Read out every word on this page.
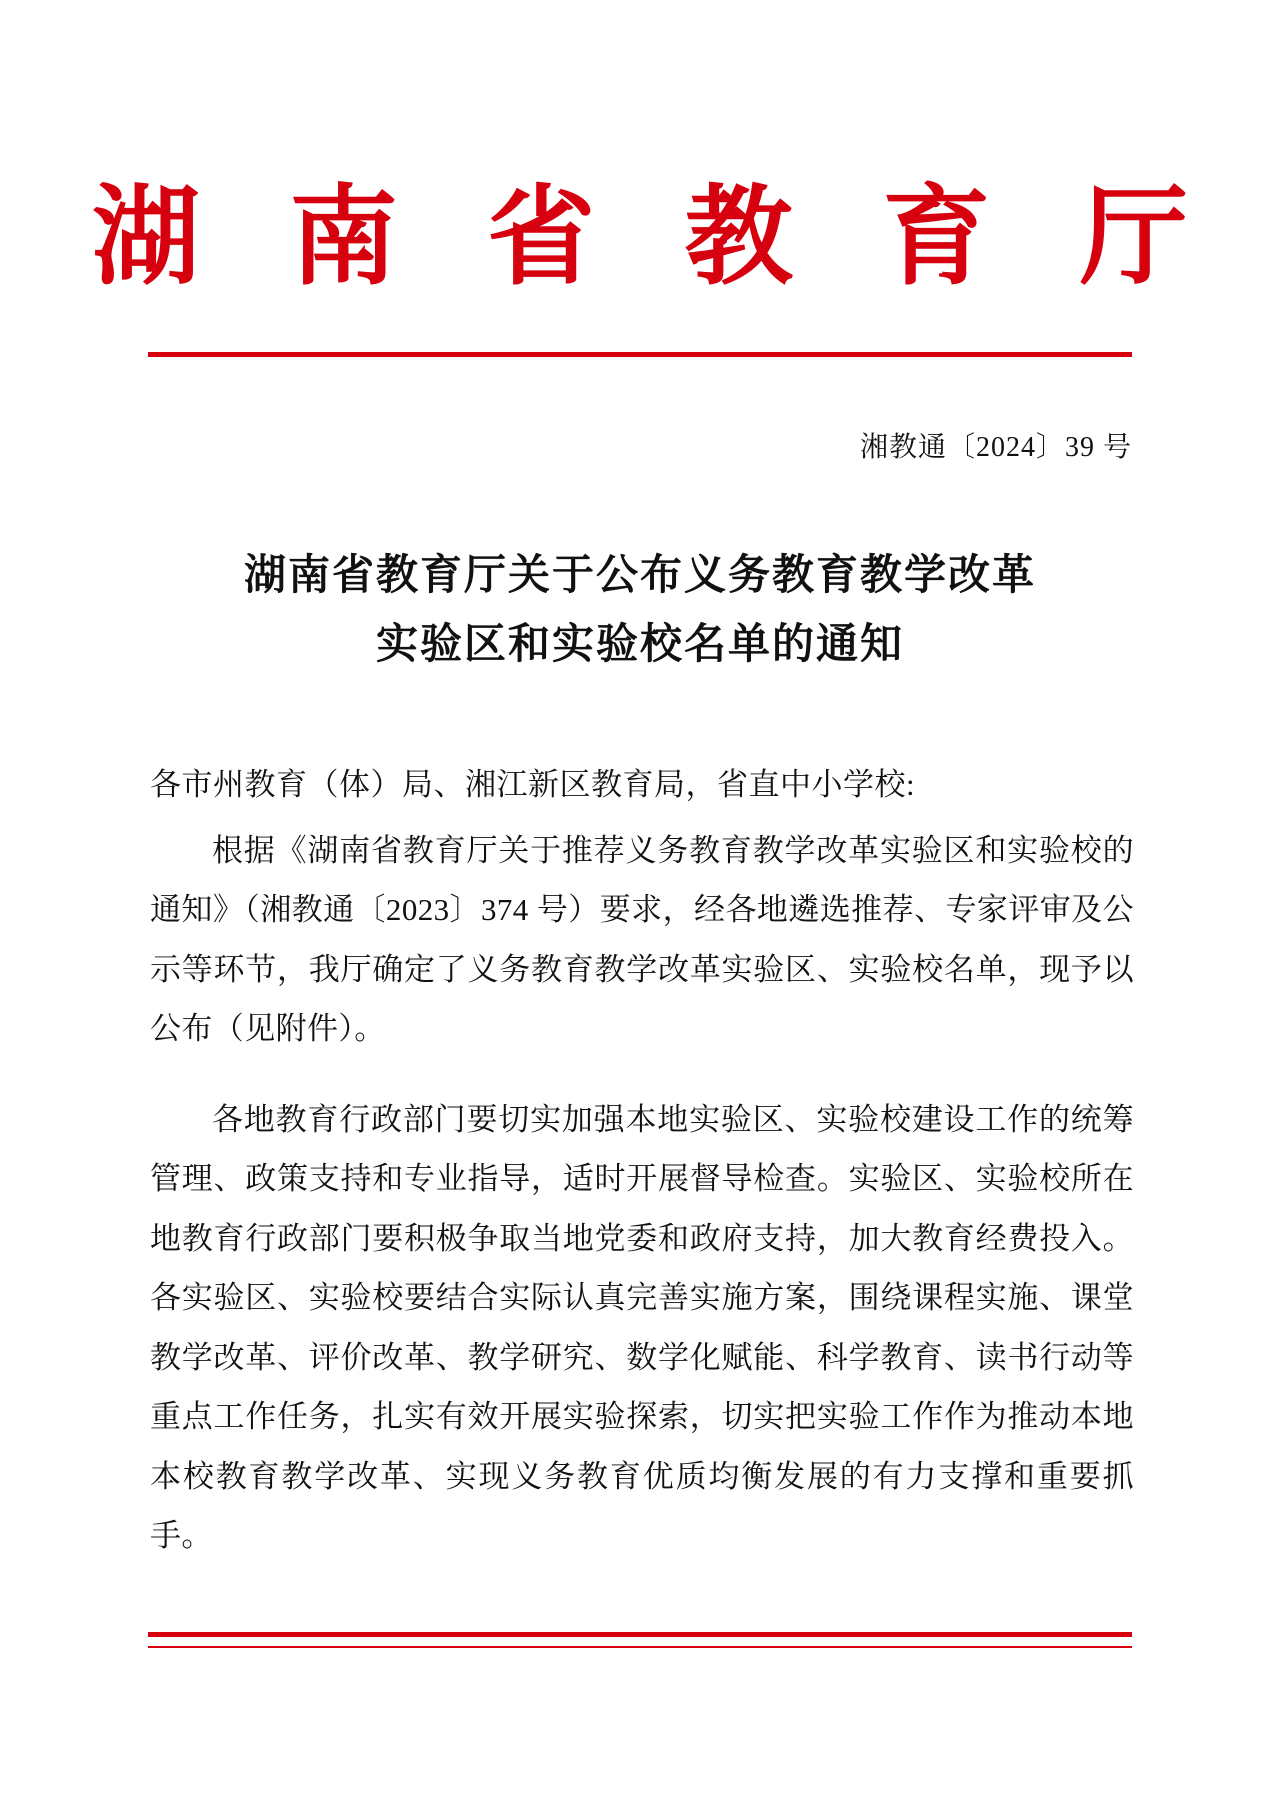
湖 南 省 教 育 厅
湘教通〔2024〕39 号
湖南省教育厅关于公布义务教育教学改革
实验区和实验校名单的通知
各市州教育（体）局、湘江新区教育局，省直中小学校:

根据《湖南省教育厅关于推荐义务教育教学改革实验区和实验校的通知》（湘教通〔2023〕374 号）要求，经各地遴选推荐、专家评审及公示等环节，我厅确定了义务教育教学改革实验区、实验校名单，现予以公布（见附件）。

各地教育行政部门要切实加强本地实验区、实验校建设工作的统筹管理、政策支持和专业指导，适时开展督导检查。实验区、实验校所在地教育行政部门要积极争取当地党委和政府支持，加大教育经费投入。各实验区、实验校要结合实际认真完善实施方案，围绕课程实施、课堂教学改革、评价改革、教学研究、数学化赋能、科学教育、读书行动等重点工作任务，扎实有效开展实验探索，切实把实验工作作为推动本地本校教育教学改革、实现义务教育优质均衡发展的有力支撑和重要抓手。
